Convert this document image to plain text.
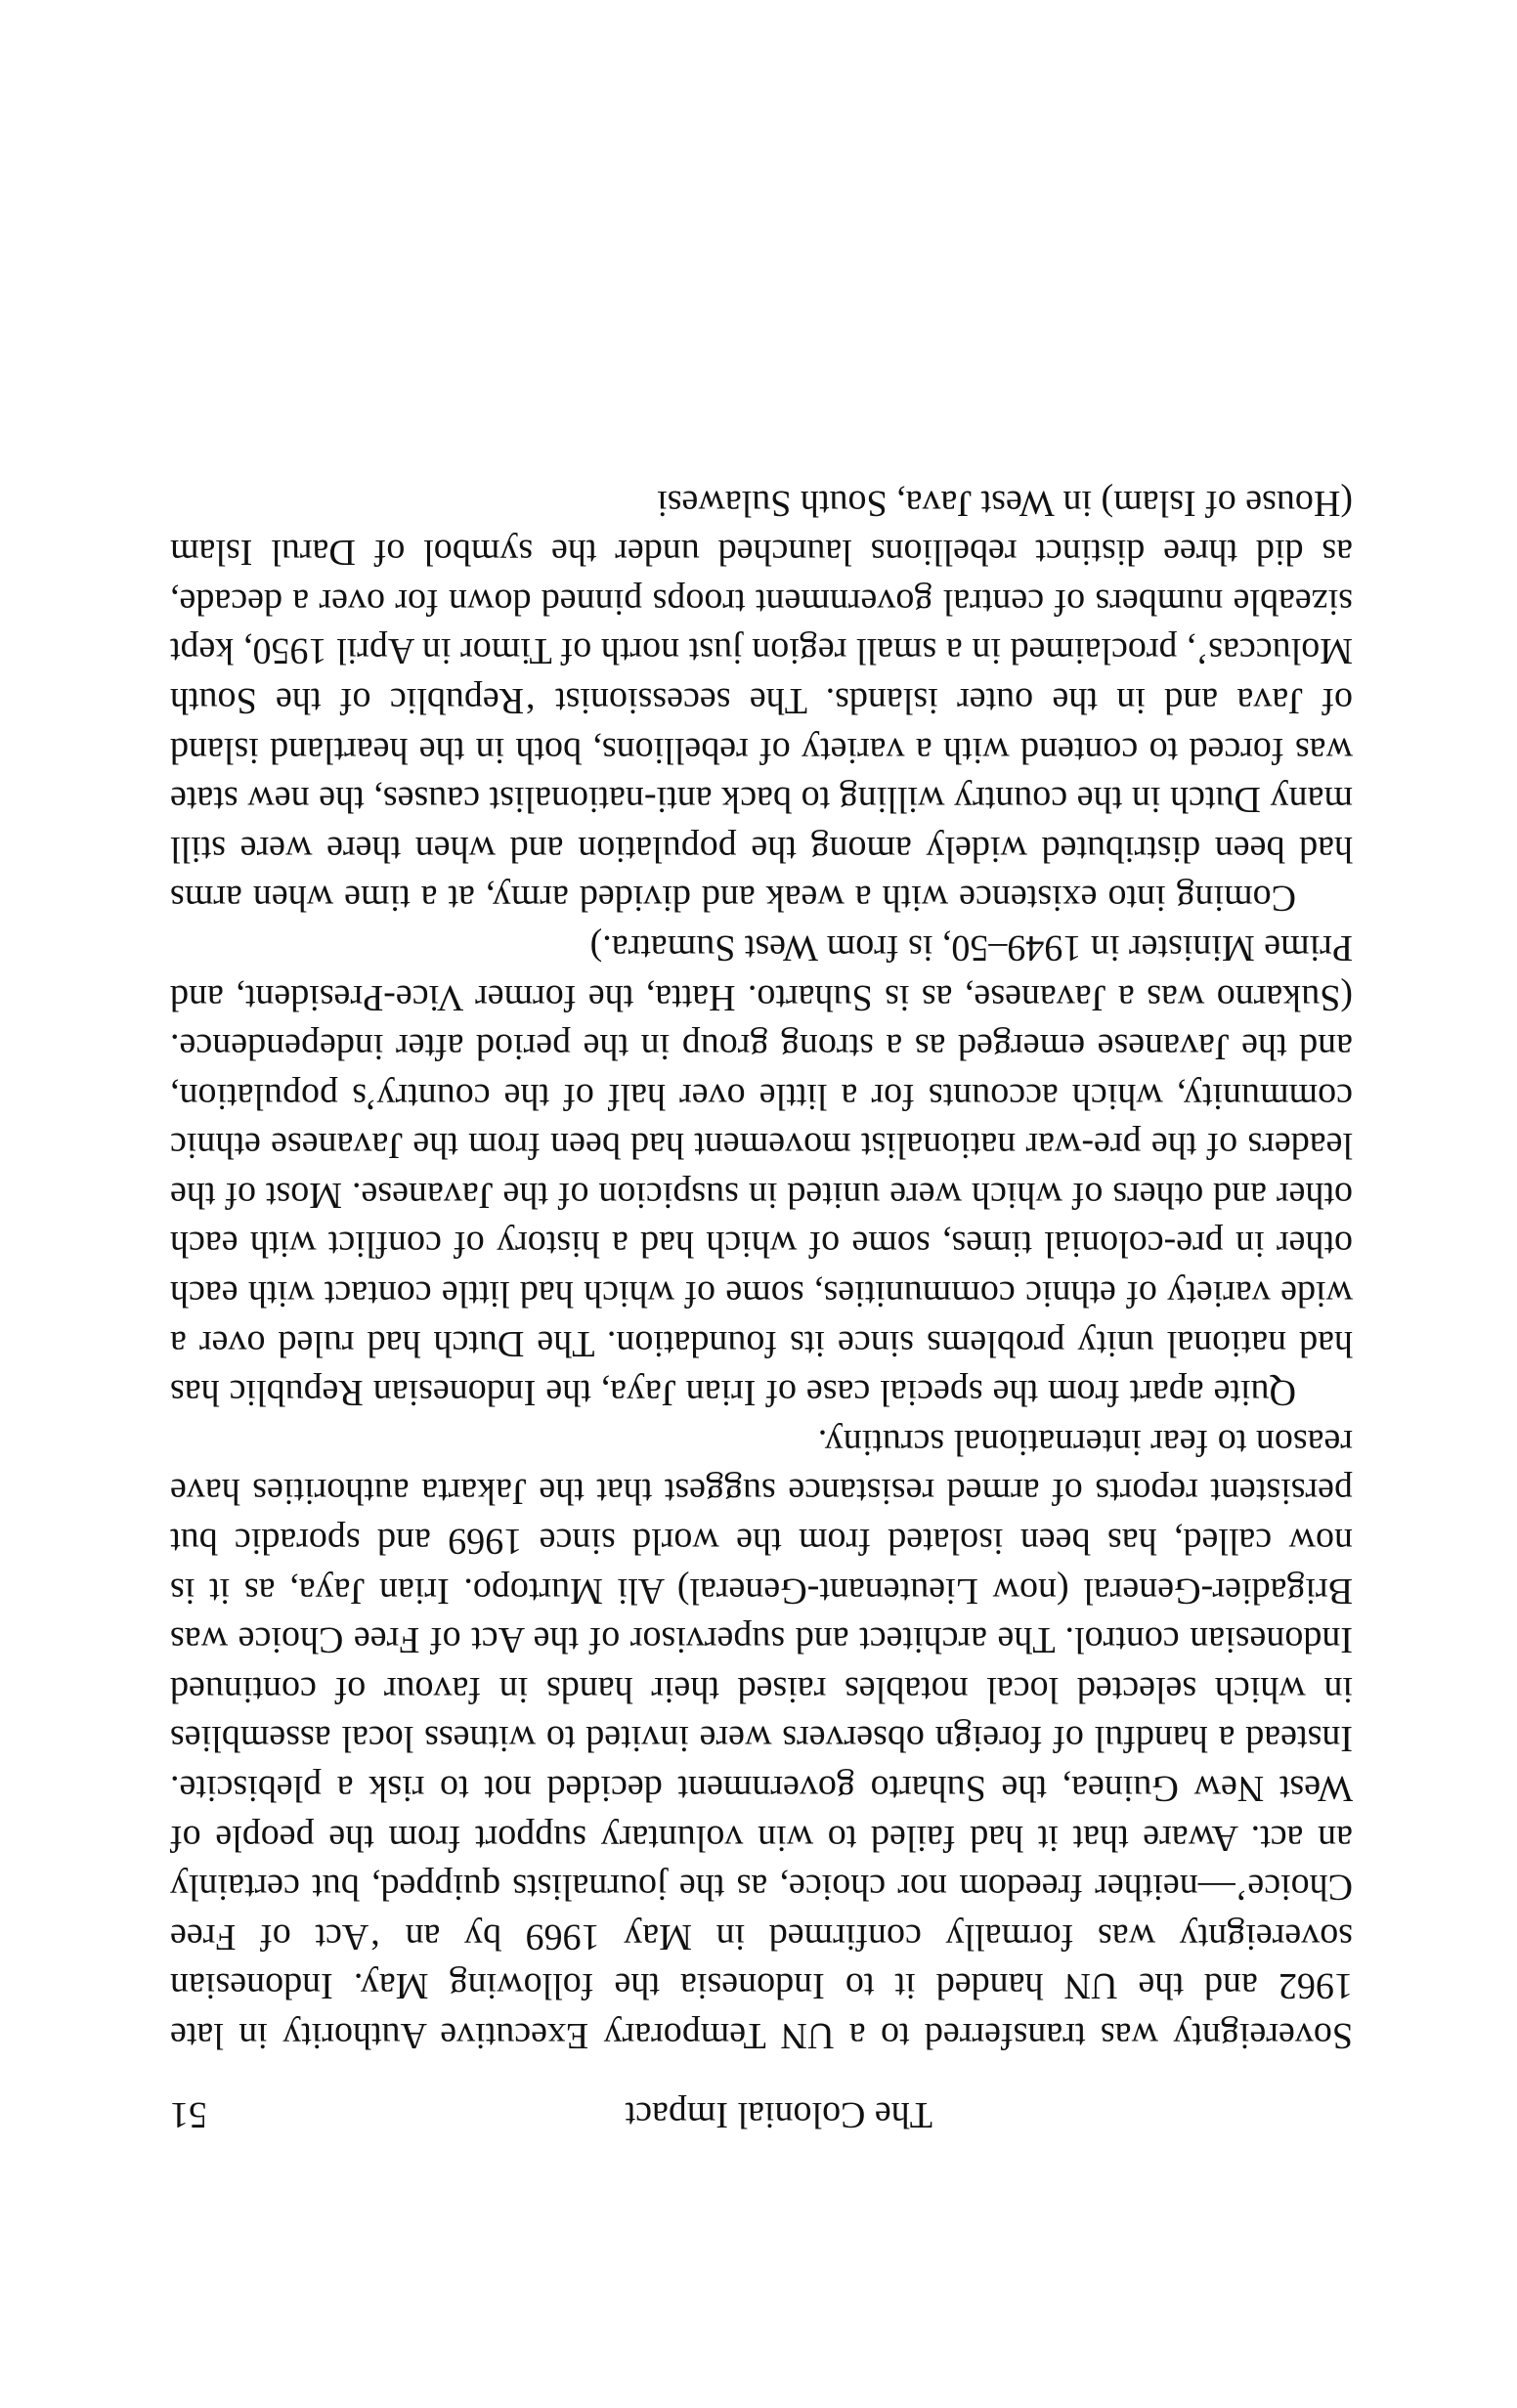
The Colonial Impact
51

Sovereignty was transferred to a UN Temporary Executive Authority in late 1962 and the UN handed it to Indonesia the following May. Indonesian sovereignty was formally confirmed in May 1969 by an ‘Act of Free Choice’—neither freedom nor choice, as the journalists quipped, but certainly an act. Aware that it had failed to win voluntary support from the people of West New Guinea, the Suharto government decided not to risk a plebiscite. Instead a handful of foreign observers were invited to witness local assemblies in which selected local notables raised their hands in favour of continued Indonesian control. The architect and supervisor of the Act of Free Choice was Brigadier-General (now Lieutenant-General) Ali Murtopo. Irian Jaya, as it is now called, has been isolated from the world since 1969 and sporadic but persistent reports of armed resistance suggest that the Jakarta authorities have reason to fear international scrutiny.

Quite apart from the special case of Irian Jaya, the Indonesian Republic has had national unity problems since its foundation. The Dutch had ruled over a wide variety of ethnic communities, some of which had little contact with each other in pre-colonial times, some of which had a history of conflict with each other and others of which were united in suspicion of the Javanese. Most of the leaders of the pre-war nationalist movement had been from the Javanese ethnic community, which accounts for a little over half of the country’s population, and the Javanese emerged as a strong group in the period after independence. (Sukarno was a Javanese, as is Suharto. Hatta, the former Vice-President, and Prime Minister in 1949–50, is from West Sumatra.)

Coming into existence with a weak and divided army, at a time when arms had been distributed widely among the population and when there were still many Dutch in the country willing to back anti-nationalist causes, the new state was forced to contend with a variety of rebellions, both in the heartland island of Java and in the outer islands. The secessionist ‘Republic of the South Moluccas’, proclaimed in a small region just north of Timor in April 1950, kept sizeable numbers of central government troops pinned down for over a decade, as did three distinct rebellions launched under the symbol of Darul Islam (House of Islam) in West Java, South Sulawesi
